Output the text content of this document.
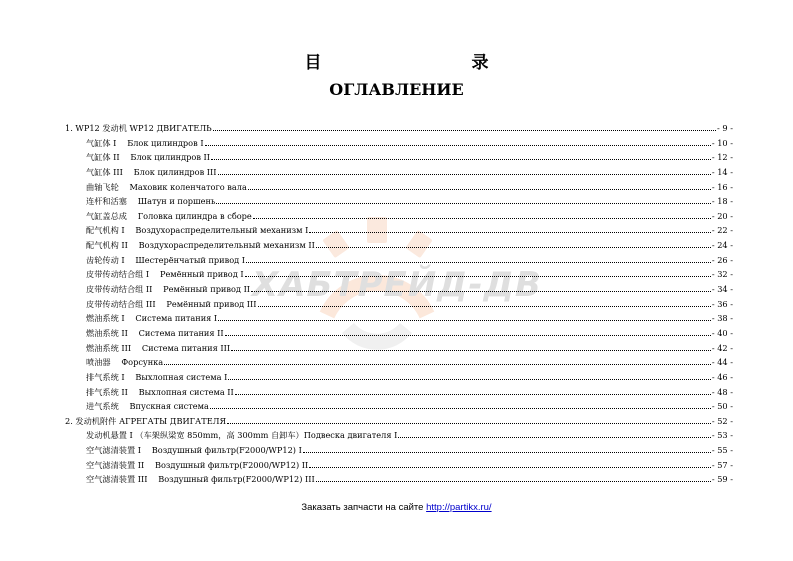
ХАБТРЕЙД-ДВ
目 录
ОГЛАВЛЕНИЕ
1. WP12 发动机 WP12 ДВИГАТЕЛЬ	- 9 -
气缸体 I 　Блок цилиндров I	- 10 -
气缸体 II 　Блок цилиндров II	- 12 -
气缸体 III 　Блок цилиндров III	- 14 -
曲轴飞轮 　Маховик коленчатого вала	- 16 -
连杆和活塞 　Шатун и поршень	- 18 -
气缸盖总成 　Головка цилиндра в сборе	- 20 -
配气机构 I 　Воздухораспределительный механизм I	- 22 -
配气机构 II 　Воздухораспределительный механизм II	- 24 -
齿轮传动 I 　Шестерёнчатый привод I	- 26 -
皮带传动结合组 I 　Ремённый привод I	- 32 -
皮带传动结合组 II 　Ремённый привод II	- 34 -
皮带传动结合组 III 　Ремённый привод III	- 36 -
燃油系统 I 　Система питания I	- 38 -
燃油系统 II 　Система питания II	- 40 -
燃油系统 III 　Система питания III	- 42 -
喷油器 　Форсунка	- 44 -
排气系统 I 　Выхлопная система I	- 46 -
排气系统 II 　Выхлопная система II	- 48 -
进气系统 　Впускная система	- 50 -
2. 发动机附件 АГРЕГАТЫ ДВИГАТЕЛЯ	- 52 -
发动机悬置 I （车架纵梁宽 850mm，高 300mm 自卸车）Подвеска двигателя I	- 53 -
空气滤清装置 I 　Воздушный фильтр(F2000/WP12) I	- 55 -
空气滤清装置 II 　Воздушный фильтр(F2000/WP12) II	- 57 -
空气滤清装置 III 　Воздушный фильтр(F2000/WP12) III	- 59 -
Заказать запчасти на сайте http://partikx.ru/
